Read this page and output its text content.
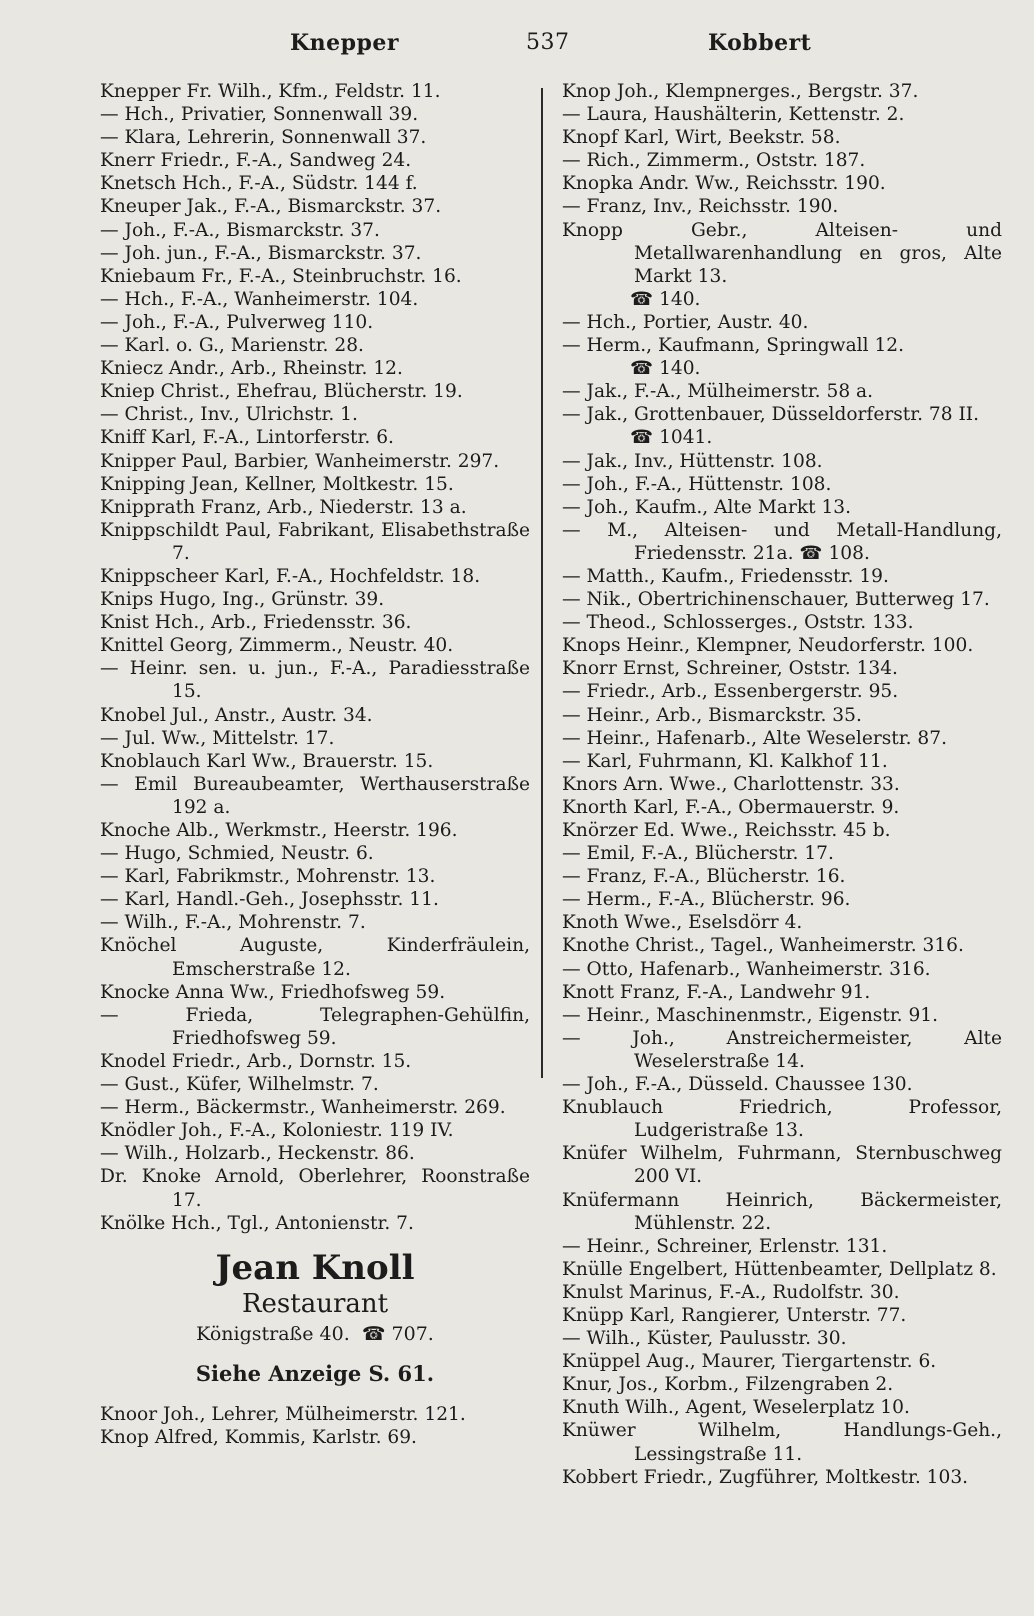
Knepper	537	Kobbert

Knepper Fr. Wilh., Kfm., Feldstr. 11.

— Hch., Privatier, Sonnenwall 39.

— Klara, Lehrerin, Sonnenwall 37.

Knerr Friedr., F.-A., Sandweg 24.

Knetsch Hch., F.-A., Südstr. 144 f.

Kneuper Jak., F.-A., Bismarckstr. 37.

— Joh., F.-A., Bismarckstr. 37.

— Joh. jun., F.-A., Bismarckstr. 37.

Kniebaum Fr., F.-A., Steinbruchstr. 16.

— Hch., F.-A., Wanheimerstr. 104.

— Joh., F.-A., Pulverweg 110.

— Karl. o. G., Marienstr. 28.

Kniecz Andr., Arb., Rheinstr. 12.

Kniep Christ., Ehefrau, Blücherstr. 19.

— Christ., Inv., Ulrichstr. 1.

Kniff Karl, F.-A., Lintorferstr. 6.

Knipper Paul, Barbier, Wanheimerstr. 297.

Knipping Jean, Kellner, Moltkestr. 15.

Knipprath Franz, Arb., Niederstr. 13 a.

Knippschildt Paul, Fabrikant, Elisabethstraße 7.

Knippscheer Karl, F.-A., Hochfeldstr. 18.

Knips Hugo, Ing., Grünstr. 39.

Knist Hch., Arb., Friedensstr. 36.

Knittel Georg, Zimmerm., Neustr. 40.

— Heinr. sen. u. jun., F.-A., Paradiesstraße 15.

Knobel Jul., Anstr., Austr. 34.

— Jul. Ww., Mittelstr. 17.

Knoblauch Karl Ww., Brauerstr. 15.

— Emil Bureaubeamter, Werthauserstraße 192 a.

Knoche Alb., Werkmstr., Heerstr. 196.

— Hugo, Schmied, Neustr. 6.

— Karl, Fabrikmstr., Mohrenstr. 13.

— Karl, Handl.-Geh., Josephsstr. 11.

— Wilh., F.-A., Mohrenstr. 7.

Knöchel Auguste, Kinderfräulein, Emscherstraße 12.

Knocke Anna Ww., Friedhofsweg 59.

— Frieda, Telegraphen-Gehülfin, Friedhofsweg 59.

Knodel Friedr., Arb., Dornstr. 15.

— Gust., Küfer, Wilhelmstr. 7.

— Herm., Bäckermstr., Wanheimerstr. 269.

Knödler Joh., F.-A., Koloniestr. 119 IV.

— Wilh., Holzarb., Heckenstr. 86.

Dr. Knoke Arnold, Oberlehrer, Roonstraße 17.

Knölke Hch., Tgl., Antonienstr. 7.

Jean Knoll
Restaurant
Königstraße 40. ☎ 707.
Siehe Anzeige S. 61.

Knoor Joh., Lehrer, Mülheimerstr. 121.

Knop Alfred, Kommis, Karlstr. 69.

Knop Joh., Klempnerges., Bergstr. 37.

— Laura, Haushälterin, Kettenstr. 2.

Knopf Karl, Wirt, Beekstr. 58.

— Rich., Zimmerm., Oststr. 187.

Knopka Andr. Ww., Reichsstr. 190.

— Franz, Inv., Reichsstr. 190.

Knopp Gebr., Alteisen- und Metallwarenhandlung en gros, Alte Markt 13.

☎ 140.

— Hch., Portier, Austr. 40.

— Herm., Kaufmann, Springwall 12.

☎ 140.

— Jak., F.-A., Mülheimerstr. 58 a.

— Jak., Grottenbauer, Düsseldorferstr. 78 II.

☎ 1041.

— Jak., Inv., Hüttenstr. 108.

— Joh., F.-A., Hüttenstr. 108.

— Joh., Kaufm., Alte Markt 13.

— M., Alteisen- und Metall-Handlung, Friedensstr. 21a. ☎ 108.

— Matth., Kaufm., Friedensstr. 19.

— Nik., Obertrichinenschauer, Butterweg 17.

— Theod., Schlosserges., Oststr. 133.

Knops Heinr., Klempner, Neudorferstr. 100.

Knorr Ernst, Schreiner, Oststr. 134.

— Friedr., Arb., Essenbergerstr. 95.

— Heinr., Arb., Bismarckstr. 35.

— Heinr., Hafenarb., Alte Weselerstr. 87.

— Karl, Fuhrmann, Kl. Kalkhof 11.

Knors Arn. Wwe., Charlottenstr. 33.

Knorth Karl, F.-A., Obermauerstr. 9.

Knörzer Ed. Wwe., Reichsstr. 45 b.

— Emil, F.-A., Blücherstr. 17.

— Franz, F.-A., Blücherstr. 16.

— Herm., F.-A., Blücherstr. 96.

Knoth Wwe., Eselsdörr 4.

Knothe Christ., Tagel., Wanheimerstr. 316.

— Otto, Hafenarb., Wanheimerstr. 316.

Knott Franz, F.-A., Landwehr 91.

— Heinr., Maschinenmstr., Eigenstr. 91.

— Joh., Anstreichermeister, Alte Weselerstraße 14.

— Joh., F.-A., Düsseld. Chaussee 130.

Knublauch Friedrich, Professor, Ludgeristraße 13.

Knüfer Wilhelm, Fuhrmann, Sternbuschweg 200 VI.

Knüfermann Heinrich, Bäckermeister, Mühlenstr. 22.

— Heinr., Schreiner, Erlenstr. 131.

Knülle Engelbert, Hüttenbeamter, Dellplatz 8.

Knulst Marinus, F.-A., Rudolfstr. 30.

Knüpp Karl, Rangierer, Unterstr. 77.

— Wilh., Küster, Paulusstr. 30.

Knüppel Aug., Maurer, Tiergartenstr. 6.

Knur, Jos., Korbm., Filzengraben 2.

Knuth Wilh., Agent, Weselerplatz 10.

Knüwer Wilhelm, Handlungs-Geh., Lessingstraße 11.

Kobbert Friedr., Zugführer, Moltkestr. 103.
